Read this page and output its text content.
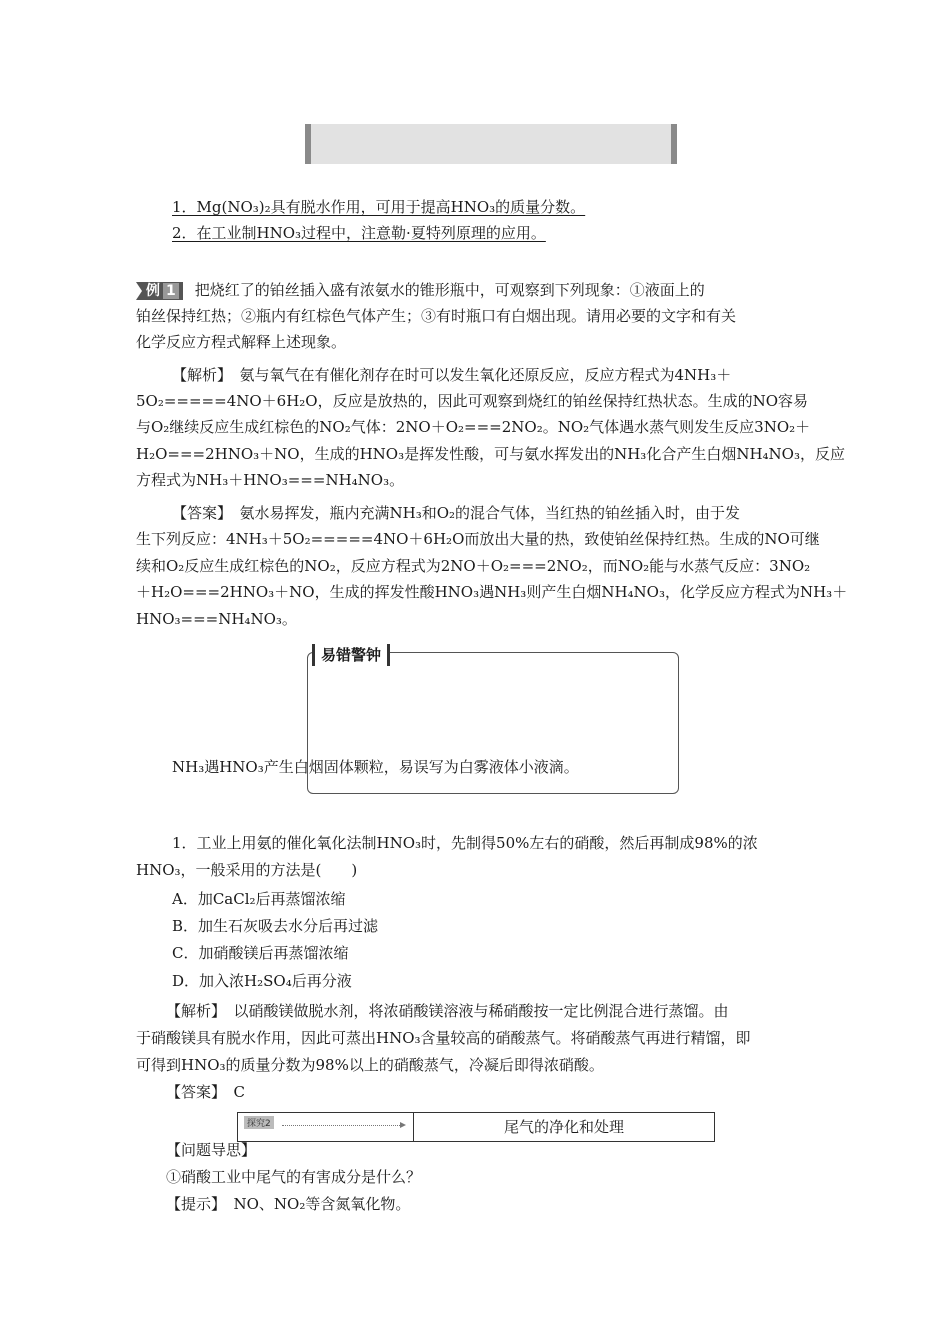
1．Mg(NO₃)₂具有脱水作用，可用于提高HNO₃的质量分数。
2．在工业制HNO₃过程中，注意勒·夏特列原理的应用。
例 1 把烧红了的铂丝插入盛有浓氨水的锥形瓶中，可观察到下列现象：①液面上的
铂丝保持红热；②瓶内有红棕色气体产生；③有时瓶口有白烟出现。请用必要的文字和有关
化学反应方程式解释上述现象。
【解析】　氨与氧气在有催化剂存在时可以发生氧化还原反应，反应方程式为4NH₃＋
5O₂=====4NO＋6H₂O，反应是放热的，因此可观察到烧红的铂丝保持红热状态。生成的NO容易
与O₂继续反应生成红棕色的NO₂气体：2NO＋O₂===2NO₂。NO₂气体遇水蒸气则发生反应3NO₂＋
H₂O===2HNO₃＋NO，生成的HNO₃是挥发性酸，可与氨水挥发出的NH₃化合产生白烟NH₄NO₃，反应
方程式为NH₃＋HNO₃===NH₄NO₃。
【答案】　氨水易挥发，瓶内充满NH₃和O₂的混合气体，当红热的铂丝插入时，由于发
生下列反应：4NH₃＋5O₂=====4NO＋6H₂O而放出大量的热，致使铂丝保持红热。生成的NO可继
续和O₂反应生成红棕色的NO₂，反应方程式为2NO＋O₂===2NO₂，而NO₂能与水蒸气反应：3NO₂
＋H₂O===2HNO₃＋NO，生成的挥发性酸HNO₃遇NH₃则产生白烟NH₄NO₃，化学反应方程式为NH₃＋
HNO₃===NH₄NO₃。
易错警钟
NH₃遇HNO₃产生白烟固体颗粒，易误写为白雾液体小液滴。
1．工业上用氨的催化氧化法制HNO₃时，先制得50%左右的硝酸，然后再制成98%的浓
HNO₃，一般采用的方法是(　　)
A．加CaCl₂后再蒸馏浓缩
B．加生石灰吸去水分后再过滤
C．加硝酸镁后再蒸馏浓缩
D．加入浓H₂SO₄后再分液
【解析】　以硝酸镁做脱水剂，将浓硝酸镁溶液与稀硝酸按一定比例混合进行蒸馏。由
于硝酸镁具有脱水作用，因此可蒸出HNO₃含量较高的硝酸蒸气。将硝酸蒸气再进行精馏，即
可得到HNO₃的质量分数为98%以上的硝酸蒸气，冷凝后即得浓硝酸。
【答案】　C
探究2	尾气的净化和处理
【问题导思】
①硝酸工业中尾气的有害成分是什么？
【提示】　NO、NO₂等含氮氧化物。
